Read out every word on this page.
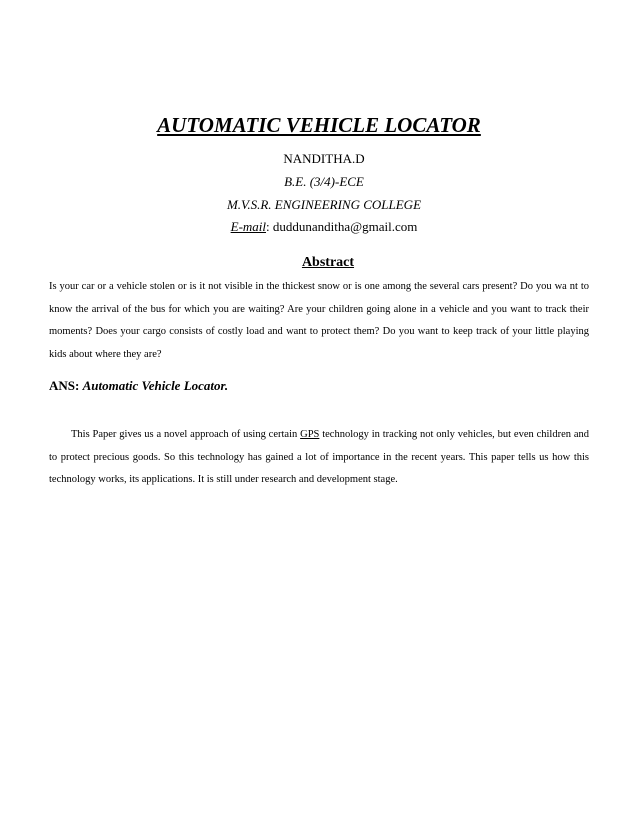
AUTOMATIC VEHICLE LOCATOR
NANDITHA.D
B.E. (3/4)-ECE
M.V.S.R. ENGINEERING COLLEGE
E-mail: duddunanditha@gmail.com
Abstract
Is your car or a vehicle stolen or is it not visible in the thickest snow or is one among the several cars present? Do you wa nt to know the arrival of the bus for which you are waiting? Are your children going alone in a vehicle and you want to track their moments? Does your cargo consists of costly load and want to protect them? Do you want to keep track of your little playing kids about where they are?
ANS: Automatic Vehicle Locator.
This Paper gives us a novel approach of using certain GPS technology in tracking not only vehicles, but even children and to protect precious goods. So this technology has gained a lot of importance in the recent years. This paper tells us how this technology works, its applications. It is still under research and development stage.
